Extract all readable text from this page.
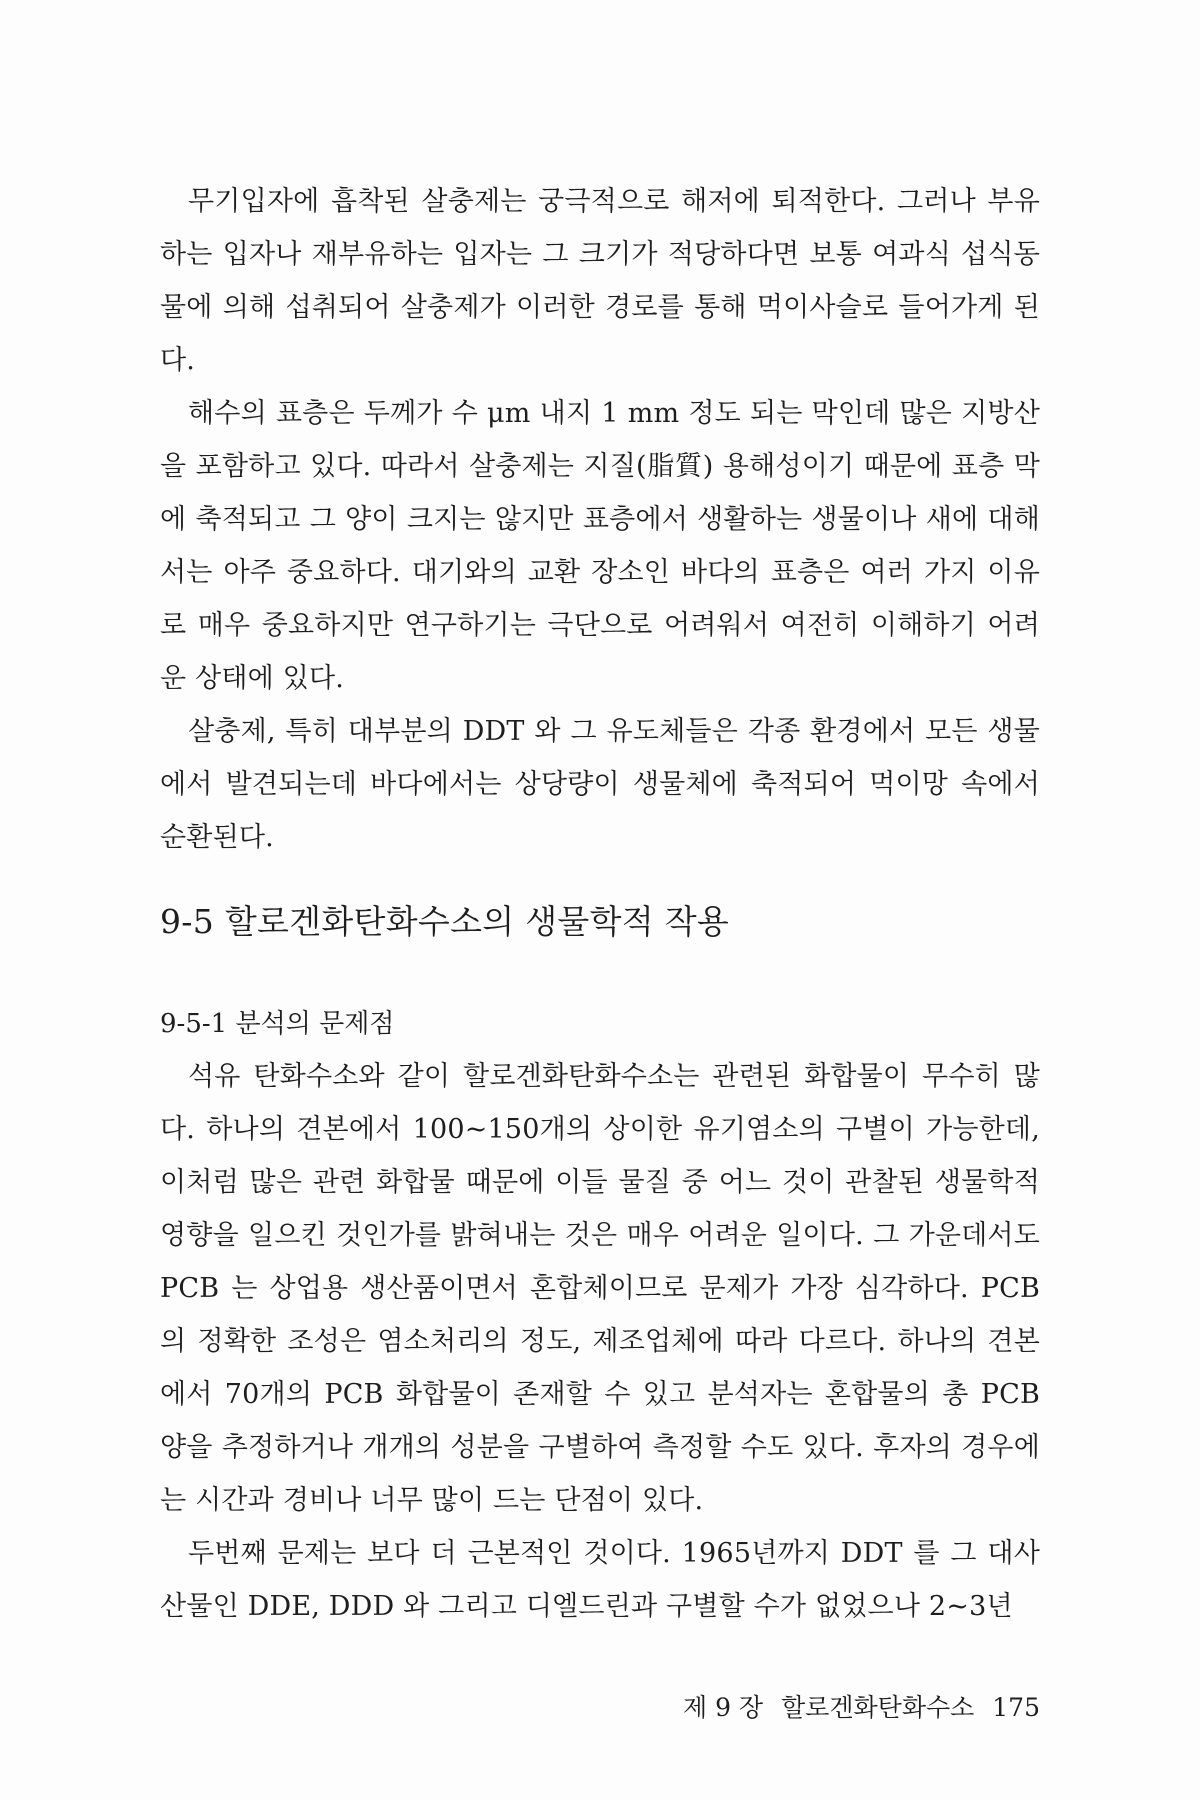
무기입자에 흡착된 살충제는 궁극적으로 해저에 퇴적한다. 그러나 부유하는 입자나 재부유하는 입자는 그 크기가 적당하다면 보통 여과식 섭식동물에 의해 섭취되어 살충제가 이러한 경로를 통해 먹이사슬로 들어가게 된다.

해수의 표층은 두께가 수 μm 내지 1 mm 정도 되는 막인데 많은 지방산을 포함하고 있다. 따라서 살충제는 지질(脂質) 용해성이기 때문에 표층 막에 축적되고 그 양이 크지는 않지만 표층에서 생활하는 생물이나 새에 대해서는 아주 중요하다. 대기와의 교환 장소인 바다의 표층은 여러 가지 이유로 매우 중요하지만 연구하기는 극단으로 어려워서 여전히 이해하기 어려운 상태에 있다.

살충제, 특히 대부분의 DDT 와 그 유도체들은 각종 환경에서 모든 생물에서 발견되는데 바다에서는 상당량이 생물체에 축적되어 먹이망 속에서 순환된다.

9-5 할로겐화탄화수소의 생물학적 작용
9-5-1 분석의 문제점

석유 탄화수소와 같이 할로겐화탄화수소는 관련된 화합물이 무수히 많다. 하나의 견본에서 100~150개의 상이한 유기염소의 구별이 가능한데, 이처럼 많은 관련 화합물 때문에 이들 물질 중 어느 것이 관찰된 생물학적 영향을 일으킨 것인가를 밝혀내는 것은 매우 어려운 일이다. 그 가운데서도 PCB 는 상업용 생산품이면서 혼합체이므로 문제가 가장 심각하다. PCB 의 정확한 조성은 염소처리의 정도, 제조업체에 따라 다르다. 하나의 견본에서 70개의 PCB 화합물이 존재할 수 있고 분석자는 혼합물의 총 PCB 양을 추정하거나 개개의 성분을 구별하여 측정할 수도 있다. 후자의 경우에는 시간과 경비나 너무 많이 드는 단점이 있다.

두번째 문제는 보다 더 근본적인 것이다. 1965년까지 DDT 를 그 대사산물인 DDE, DDD 와 그리고 디엘드린과 구별할 수가 없었으나 2~3년

제 9 장 할로겐화탄화수소 175
